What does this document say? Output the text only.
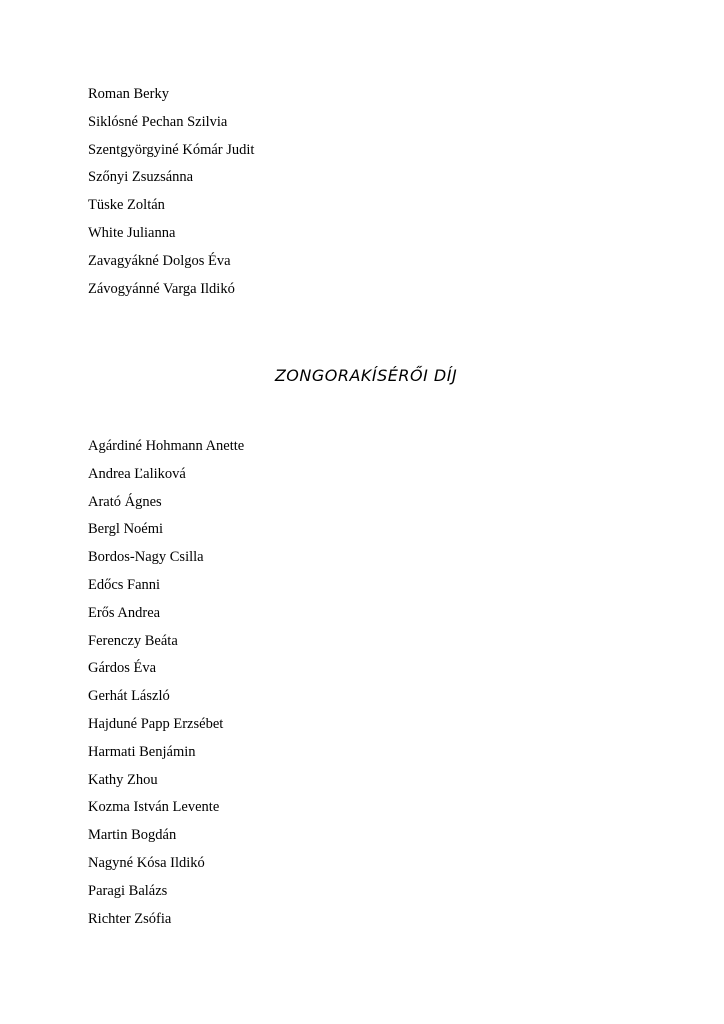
Roman Berky
Siklósné Pechan Szilvia
Szentgyörgyiné Kómár Judit
Szőnyi Zsuzsánna
Tüske Zoltán
White Julianna
Zavagyákné Dolgos Éva
Závogyánné Varga Ildikó
ZONGORAKÍSÉRŐI DÍJ
Agárdiné Hohmann Anette
Andrea Ľaliková
Arató Ágnes
Bergl Noémi
Bordos-Nagy Csilla
Edőcs Fanni
Erős Andrea
Ferenczy Beáta
Gárdos Éva
Gerhát László
Hajduné Papp Erzsébet
Harmati Benjámin
Kathy Zhou
Kozma István Levente
Martin Bogdán
Nagyné Kósa Ildikó
Paragi Balázs
Richter Zsófia
